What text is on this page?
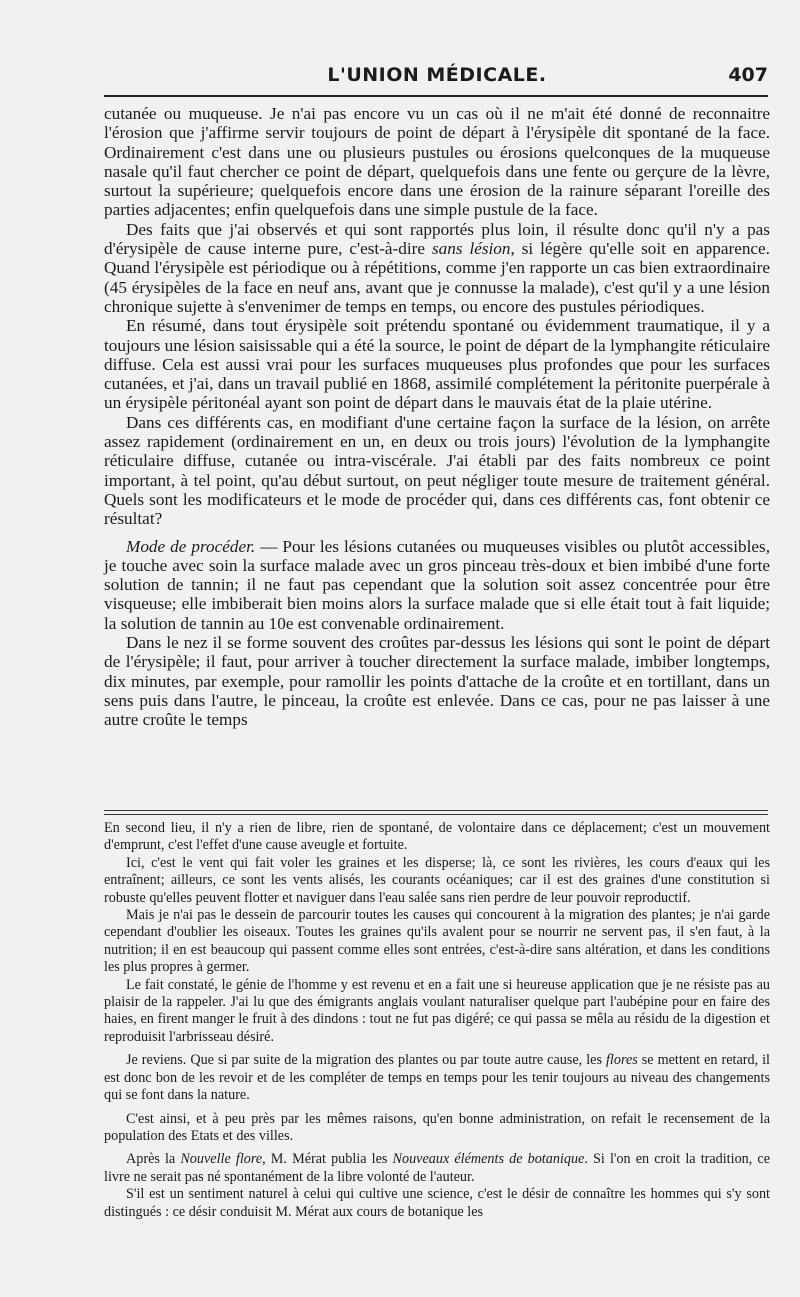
L'UNION MÉDICALE.	407

cutanée ou muqueuse. Je n'ai pas encore vu un cas où il ne m'ait été donné de reconnaitre l'érosion que j'affirme servir toujours de point de départ à l'érysipèle dit spontané de la face. Ordinairement c'est dans une ou plusieurs pustules ou érosions quelconques de la muqueuse nasale qu'il faut chercher ce point de départ, quelquefois dans une fente ou gerçure de la lèvre, surtout la supérieure; quelquefois encore dans une érosion de la rainure séparant l'oreille des parties adjacentes; enfin quelquefois dans une simple pustule de la face.

Des faits que j'ai observés et qui sont rapportés plus loin, il résulte donc qu'il n'y a pas d'érysipèle de cause interne pure, c'est-à-dire sans lésion, si légère qu'elle soit en apparence. Quand l'érysipèle est périodique ou à répétitions, comme j'en rapporte un cas bien extraordinaire (45 érysipèles de la face en neuf ans, avant que je connusse la malade), c'est qu'il y a une lésion chronique sujette à s'envenimer de temps en temps, ou encore des pustules périodiques.

En résumé, dans tout érysipèle soit prétendu spontané ou évidemment traumatique, il y a toujours une lésion saisissable qui a été la source, le point de départ de la lymphangite réticulaire diffuse. Cela est aussi vrai pour les surfaces muqueuses plus profondes que pour les surfaces cutanées, et j'ai, dans un travail publié en 1868, assimilé complétement la péritonite puerpérale à un érysipèle péritonéal ayant son point de départ dans le mauvais état de la plaie utérine.

Dans ces différents cas, en modifiant d'une certaine façon la surface de la lésion, on arrête assez rapidement (ordinairement en un, en deux ou trois jours) l'évolution de la lymphangite réticulaire diffuse, cutanée ou intra-viscérale. J'ai établi par des faits nombreux ce point important, à tel point, qu'au début surtout, on peut négliger toute mesure de traitement général. Quels sont les modificateurs et le mode de procéder qui, dans ces différents cas, font obtenir ce résultat?

Mode de procéder. — Pour les lésions cutanées ou muqueuses visibles ou plutôt accessibles, je touche avec soin la surface malade avec un gros pinceau très-doux et bien imbibé d'une forte solution de tannin; il ne faut pas cependant que la solution soit assez concentrée pour être visqueuse; elle imbiberait bien moins alors la surface malade que si elle était tout à fait liquide; la solution de tannin au 10e est convenable ordinairement.

Dans le nez il se forme souvent des croûtes par-dessus les lésions qui sont le point de départ de l'érysipèle; il faut, pour arriver à toucher directement la surface malade, imbiber longtemps, dix minutes, par exemple, pour ramollir les points d'attache de la croûte et en tortillant, dans un sens puis dans l'autre, le pinceau, la croûte est enlevée. Dans ce cas, pour ne pas laisser à une autre croûte le temps

En second lieu, il n'y a rien de libre, rien de spontané, de volontaire dans ce déplacement; c'est un mouvement d'emprunt, c'est l'effet d'une cause aveugle et fortuite.

Ici, c'est le vent qui fait voler les graines et les disperse; là, ce sont les rivières, les cours d'eaux qui les entraînent; ailleurs, ce sont les vents alisés, les courants océaniques; car il est des graines d'une constitution si robuste qu'elles peuvent flotter et naviguer dans l'eau salée sans rien perdre de leur pouvoir reproductif.

Mais je n'ai pas le dessein de parcourir toutes les causes qui concourent à la migration des plantes; je n'ai garde cependant d'oublier les oiseaux. Toutes les graines qu'ils avalent pour se nourrir ne servent pas, il s'en faut, à la nutrition; il en est beaucoup qui passent comme elles sont entrées, c'est-à-dire sans altération, et dans les conditions les plus propres à germer.

Le fait constaté, le génie de l'homme y est revenu et en a fait une si heureuse application que je ne résiste pas au plaisir de la rappeler. J'ai lu que des émigrants anglais voulant naturaliser quelque part l'aubépine pour en faire des haies, en firent manger le fruit à des dindons : tout ne fut pas digéré; ce qui passa se mêla au résidu de la digestion et reproduisit l'arbrisseau désiré.

Je reviens. Que si par suite de la migration des plantes ou par toute autre cause, les flores se mettent en retard, il est donc bon de les revoir et de les compléter de temps en temps pour les tenir toujours au niveau des changements qui se font dans la nature.

C'est ainsi, et à peu près par les mêmes raisons, qu'en bonne administration, on refait le recensement de la population des Etats et des villes.

Après la Nouvelle flore, M. Mérat publia les Nouveaux éléments de botanique. Si l'on en croit la tradition, ce livre ne serait pas né spontanément de la libre volonté de l'auteur.

S'il est un sentiment naturel à celui qui cultive une science, c'est le désir de connaître les hommes qui s'y sont distingués : ce désir conduisit M. Mérat aux cours de botanique les
